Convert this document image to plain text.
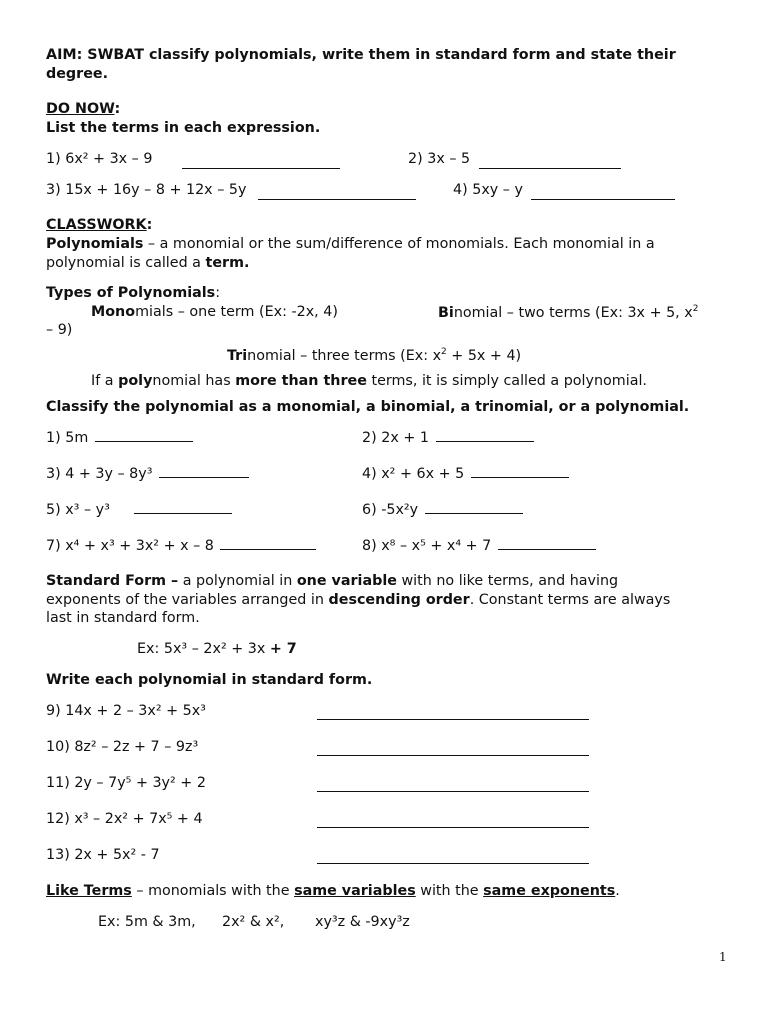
AIM: SWBAT classify polynomials, write them in standard form and state their
degree.
DO NOW:
List the terms in each expression.
1) 6x² + 3x – 9	2) 3x – 5
3) 15x + 16y – 8 + 12x – 5y	4) 5xy – y
CLASSWORK:
Polynomials – a monomial or the sum/difference of monomials. Each monomial in a
polynomial is called a term.
Types of Polynomials:
Monomials – one term (Ex: -2x, 4)	Binomial – two terms (Ex: 3x + 5, $x^2$
– 9)
Trinomial – three terms (Ex: $x^2 + 5x + 4$)
If a polynomial has more than three terms, it is simply called a polynomial.
Classify the polynomial as a monomial, a binomial, a trinomial, or a polynomial.
1) 5m	2) 2x + 1
3) 4 + 3y – 8y³	4) x² + 6x + 5
5) x³ – y³	6) -5x²y
7) x⁴ + x³ + 3x² + x – 8	8) x⁸ – x⁵ + x⁴ + 7
Standard Form – a polynomial in one variable with no like terms, and having
exponents of the variables arranged in descending order. Constant terms are always
last in standard form.
Ex: 5x³ – 2x² + 3x + 7
Write each polynomial in standard form.
9) 14x + 2 – 3x² + 5x³
10) 8z² – 2z + 7 – 9z³
11) 2y – 7y⁵ + 3y² + 2
12) x³ – 2x² + 7x⁵ + 4
13) 2x + 5x² - 7
Like Terms – monomials with the same variables with the same exponents.
Ex: 5m & 3m, 2x² & x², xy³z & -9xy³z
1
